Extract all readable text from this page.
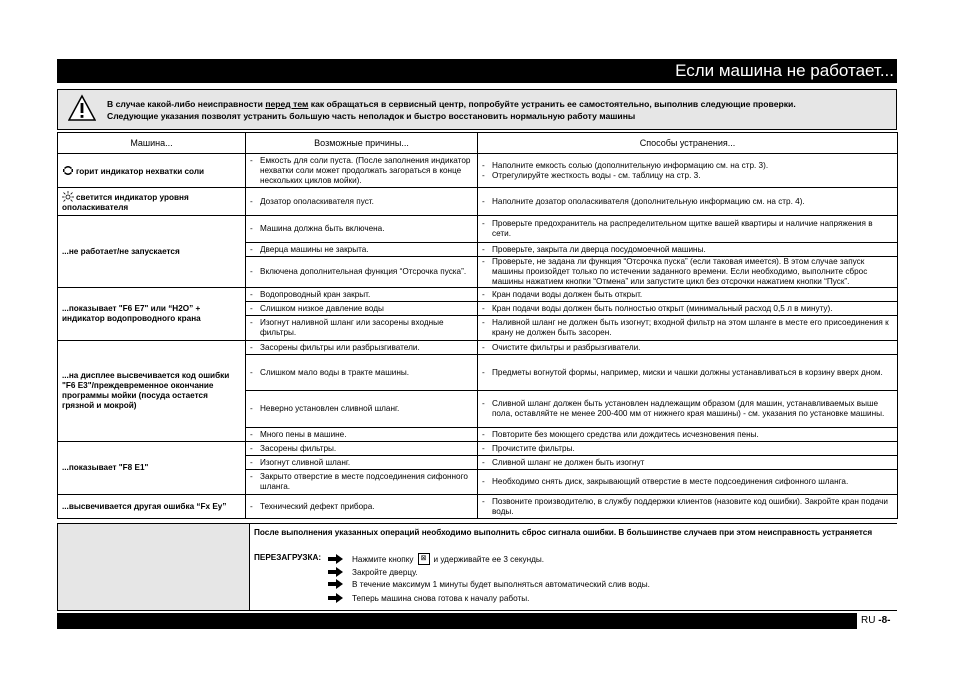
Если машина не работает...
В случае какой-либо неисправности перед тем как обращаться в сервисный центр, попробуйте устранить ее самостоятельно, выполнив следующие проверки.
Следующие указания позволят устранить большую часть неполадок и быстро восстановить нормальную работу машины
Машина...	Возможные причины...	Способы устранения...
горит индикатор нехватки соли	- Емкость для соли пуста. (После заполнения индикатор нехватки соли может продолжать загораться в конце нескольких циклов мойки).	- Наполните емкость солью (дополнительную информацию см. на стр. 3).
- Отрегулируйте жесткость воды - см. таблицу на стр. 3.

светится индикатор уровня ополаскивателя	- Дозатор ополаскивателя пуст.	- Наполните дозатор ополаскивателя (дополнительную информацию см. на стр. 4).

...не работает/не запускается	- Машина должна быть включена.	- Проверьте предохранитель на распределительном щитке вашей квартиры и наличие напряжения в сети.

	- Дверца машины не закрыта.	- Проверьте, закрыта ли дверца посудомоечной машины.

	- Включена дополнительная функция “Отсрочка пуска”.	- Проверьте, не задана ли функция “Отсрочка пуска” (если таковая имеется). В этом случае запуск машины произойдет только по истечении заданного времени. Если необходимо, выполните сброс машины нажатием кнопки “Отмена” или запустите цикл без отсрочки нажатием кнопки “Пуск”.

...показывает "F6 E7" или “H2O” + индикатор водопроводного крана	- Водопроводный кран закрыт.	- Кран подачи воды должен быть открыт.

	- Слишком низкое давление воды	- Кран подачи воды должен быть полностью открыт (минимальный расход 0,5 л в минуту).

	- Изогнут наливной шланг или засорены входные фильтры.	- Наливной шланг не должен быть изогнут; входной фильтр на этом шланге в месте его присоединения к крану не должен быть засорен.

...на дисплее высвечивается код ошибки "F6 E3"/преждевременное окончание программы мойки (посуда остается грязной и мокрой)	- Засорены фильтры или разбрызгиватели.	- Очистите фильтры и разбрызгиватели.

	- Слишком мало воды в тракте машины.	- Предметы вогнутой формы, например, миски и чашки должны устанавливаться в корзину вверх дном.

	- Неверно установлен сливной шланг.	- Сливной шланг должен быть установлен надлежащим образом (для машин, устанавливаемых выше пола, оставляйте не менее 200-400 мм от нижнего края машины) - см. указания по установке машины.

	- Много пены в машине.	- Повторите без моющего средства или дождитесь исчезновения пены.

...показывает "F8 E1"	- Засорены фильтры.	- Прочистите фильтры.

	- Изогнут сливной шланг.	- Сливной шланг не должен быть изогнут

	- Закрыто отверстие в месте подсоединения сифонного шланга.	- Необходимо снять диск, закрывающий отверстие в месте подсоединения сифонного шланга.

...высвечивается другая ошибка “Fx Ey”	- Технический дефект прибора.	- Позвоните производителю, в службу поддержки клиентов (назовите код ошибки). Закройте кран подачи воды.
После выполнения указанных операций необходимо выполнить сброс сигнала ошибки. В большинстве случаев при этом неисправность устраняется
ПЕРЕЗАГРУЗКА:	Нажмите кнопку	⊠ и удерживайте ее 3 секунды.
Закройте дверцу.
В течение максимум 1 минуты будет выполняться автоматический слив воды.
Теперь машина снова готова к началу работы.
RU -8-
